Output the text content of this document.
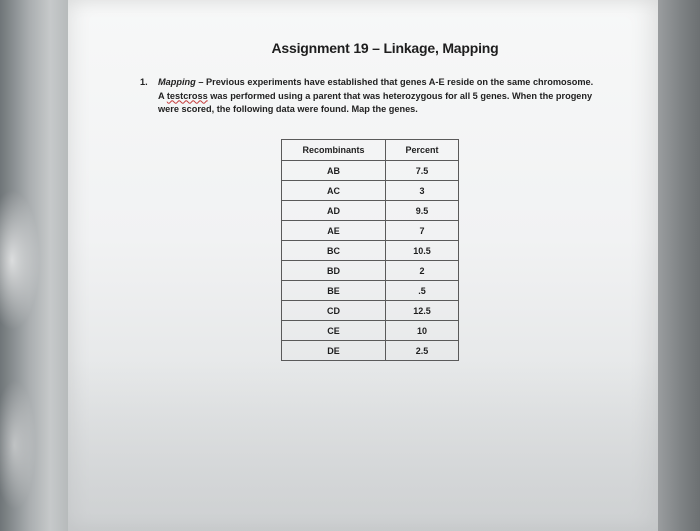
Assignment 19 – Linkage, Mapping
1. Mapping – Previous experiments have established that genes A-E reside on the same chromosome. A testcross was performed using a parent that was heterozygous for all 5 genes. When the progeny were scored, the following data were found. Map the genes.
Recombinants	Percent
AB	7.5
AC	3
AD	9.5
AE	7
BC	10.5
BD	2
BE	.5
CD	12.5
CE	10
DE	2.5
